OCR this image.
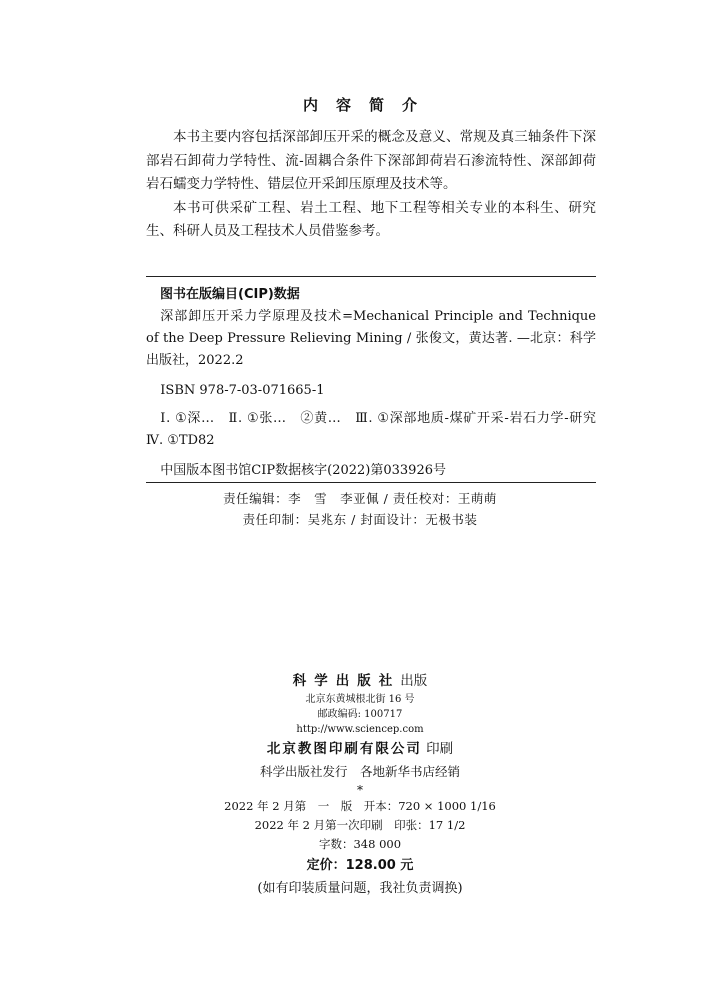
内容简介

本书主要内容包括深部卸压开采的概念及意义、常规及真三轴条件下深部岩石卸荷力学特性、流-固耦合条件下深部卸荷岩石渗流特性、深部卸荷岩石蠕变力学特性、错层位开采卸压原理及技术等。

本书可供采矿工程、岩土工程、地下工程等相关专业的本科生、研究生、科研人员及工程技术人员借鉴参考。

图书在版编目(CIP)数据

深部卸压开采力学原理及技术=Mechanical Principle and Technique of the Deep Pressure Relieving Mining / 张俊文，黄达著. —北京：科学出版社，2022.2

ISBN 978-7-03-071665-1

Ⅰ. ①深…　Ⅱ. ①张…　②黄…　Ⅲ. ①深部地质-煤矿开采-岩石力学-研究　Ⅳ. ①TD82

中国版本图书馆CIP数据核字(2022)第033926号

责任编辑：李　雪　李亚佩 / 责任校对：王萌萌
责任印制：吴兆东 / 封面设计：无极书装
科学出版社出版
北京东黄城根北街 16 号
邮政编码: 100717
http://www.sciencep.com
北京教图印刷有限公司 印刷
科学出版社发行　各地新华书店经销
*
2022 年 2 月第　一　版　开本：720 × 1000 1/16
2022 年 2 月第一次印刷　印张：17 1/2
字数：348 000
定价：128.00 元
(如有印装质量问题，我社负责调换)
